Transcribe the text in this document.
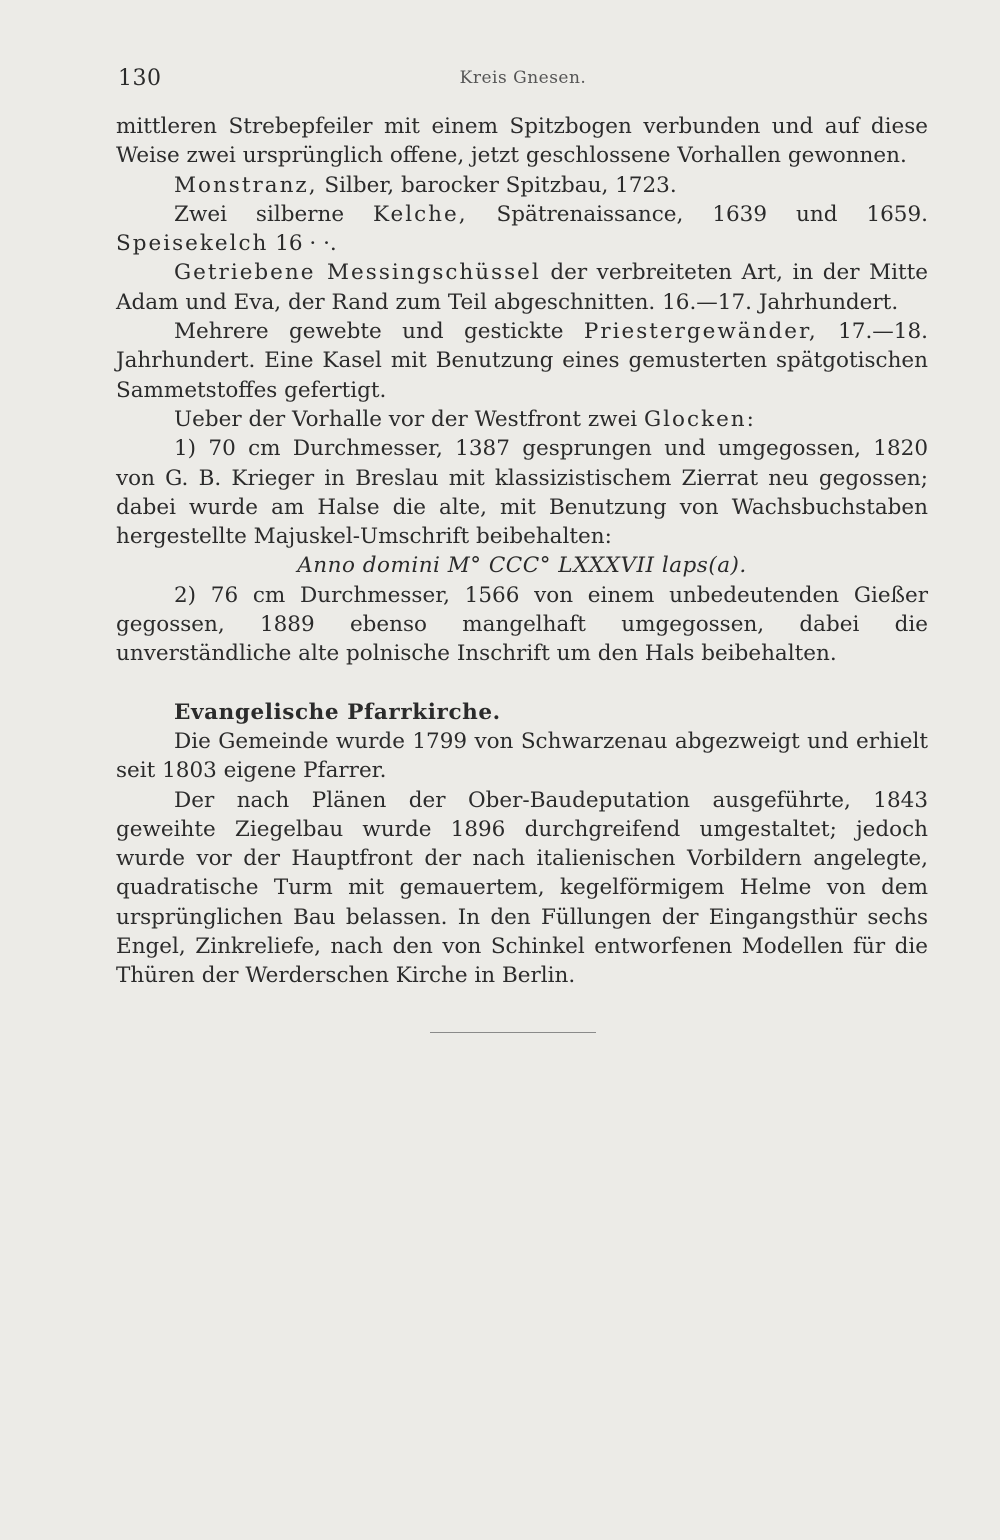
130	Kreis Gnesen.

mittleren Strebepfeiler mit einem Spitzbogen verbunden und auf diese Weise zwei ursprünglich offene, jetzt geschlossene Vorhallen gewonnen.

Monstranz, Silber, barocker Spitzbau, 1723.

Zwei silberne Kelche, Spätrenaissance, 1639 und 1659. Speisekelch 16 · ·.

Getriebene Messingschüssel der verbreiteten Art, in der Mitte Adam und Eva, der Rand zum Teil abgeschnitten. 16.—17. Jahrhundert.

Mehrere gewebte und gestickte Priestergewänder, 17.—18. Jahrhundert. Eine Kasel mit Benutzung eines gemusterten spätgotischen Sammetstoffes gefertigt.

Ueber der Vorhalle vor der Westfront zwei Glocken:

1) 70 cm Durchmesser, 1387 gesprungen und umgegossen, 1820 von G. B. Krieger in Breslau mit klassizistischem Zierrat neu gegossen; dabei wurde am Halse die alte, mit Benutzung von Wachsbuchstaben hergestellte Majuskel-Umschrift beibehalten:

Anno domini M° CCC° LXXXVII laps(a).

2) 76 cm Durchmesser, 1566 von einem unbedeutenden Gießer gegossen, 1889 ebenso mangelhaft umgegossen, dabei die unverständliche alte polnische Inschrift um den Hals beibehalten.

Evangelische Pfarrkirche.

Die Gemeinde wurde 1799 von Schwarzenau abgezweigt und erhielt seit 1803 eigene Pfarrer.

Der nach Plänen der Ober-Baudeputation ausgeführte, 1843 geweihte Ziegelbau wurde 1896 durchgreifend umgestaltet; jedoch wurde vor der Hauptfront der nach italienischen Vorbildern angelegte, quadratische Turm mit gemauertem, kegelförmigem Helme von dem ursprünglichen Bau belassen. In den Füllungen der Eingangsthür sechs Engel, Zinkreliefe, nach den von Schinkel entworfenen Modellen für die Thüren der Werderschen Kirche in Berlin.
